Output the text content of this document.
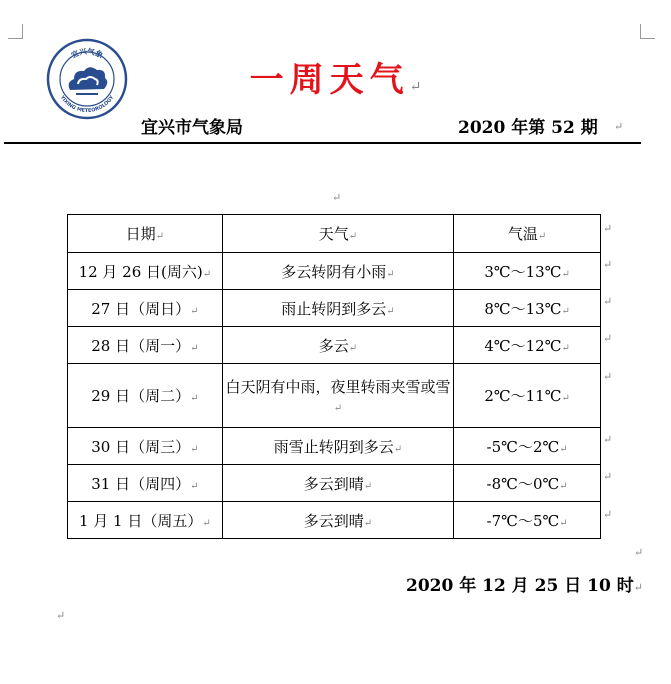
宜兴气象
YIXING METEOROLOGY	一周天气↵
宜兴市气象局	2020 年第 52 期 ↵
↵
日期↵	天气↵	气温↵
12 月 26 日(周六)↵	多云转阴有小雨↵	3℃～13℃↵
27 日（周日）↵	雨止转阴到多云↵	8℃～13℃↵
28 日（周一）↵	多云↵	4℃～12℃↵
29 日（周二）↵	白天阴有中雨，夜里转雨夹雪或雪↵	2℃～11℃↵
30 日（周三）↵	雨雪止转阴到多云↵	-5℃～2℃↵
31 日（周四）↵	多云到晴↵	-8℃～0℃↵
1 月 1 日（周五）↵	多云到晴↵	-7℃～5℃↵
↵
↵
↵
↵
↵
↵
↵
↵
↵
2020 年 12 月 25 日 10 时↵
↵
